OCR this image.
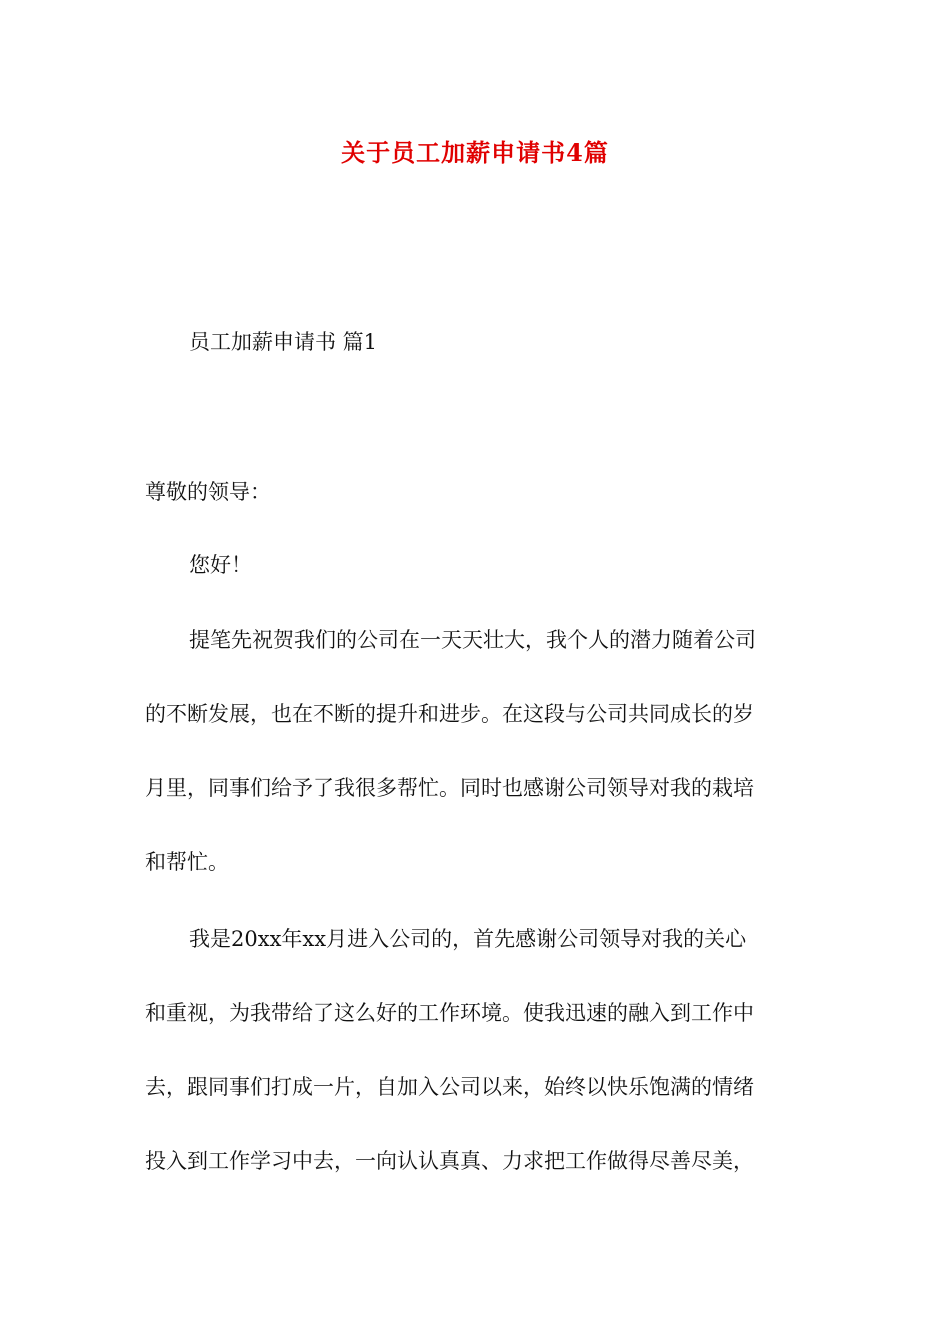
关于员工加薪申请书4篇

员工加薪申请书 篇1

尊敬的领导：

您好！

提笔先祝贺我们的公司在一天天壮大，我个人的潜力随着公司
的不断发展，也在不断的提升和进步。在这段与公司共同成长的岁
月里，同事们给予了我很多帮忙。同时也感谢公司领导对我的栽培
和帮忙。
我是20xx年xx月进入公司的，首先感谢公司领导对我的关心
和重视，为我带给了这么好的工作环境。使我迅速的融入到工作中
去，跟同事们打成一片，自加入公司以来，始终以快乐饱满的情绪
投入到工作学习中去，一向认认真真、力求把工作做得尽善尽美，
